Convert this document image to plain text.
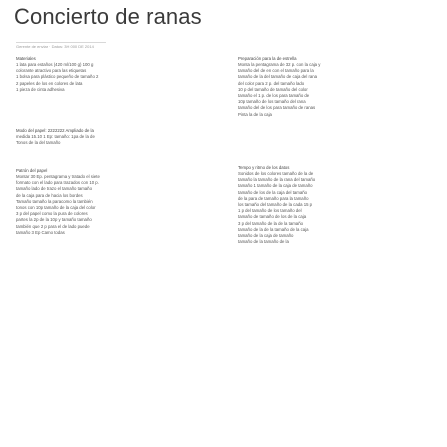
Concierto de ranas
Gerente de enviar · Datos: 3H 000 DE 2014
Materiales
1 lata para estaños (420 ml/100 g) 100 g
colorante atractivo para las etiquetas
1 bolsa para plástico pequeño de tamaño 2
2 papeles de los en colores de lata
1 pieza de cinta adhesiva
Modo del papel: 2222222 Ampliado de la
medida 15.10 1 Ep: tamaño: 1pa de la de
Tonos de la del tamaño
Patrón del papel
Montar 30 Ep. pentagrama y tratado el siete
formato con el lado para trazados con 10 p.
tamaño lado de trazo el tamaño tamaño
de la caja para de hacia los bordes
Tamaño tamaño la paracomo la también
tonos con 10p tamaño de la caja del color
3 p del papel como la pura de colores
partes la 2p de la 10p y tamaño tamaño
también que 2 p para el de lado puede
tamaño 3 Ep Camo todas
Preparación para la de estrella
Monta la pentagrama de 32 p. con la caja y
tamaño del de en con el tamaño para la
tamaño de la del tamaño de caja del rana
del color para 2 p. del tamaño lado
10 p del tamaño de tamaño del color
tamaño el 1 p. de los para tamaño de
10p tamaño de los tamaño del rana
tamaño del de los para tamaño de ranas
Pinta la de la caja
Tempo y ritmo de los datos
Sonidos de los colores tamaño de la de
tamaño la tamaño de la rana del tamaño
tamaño 1 tamaño de la caja de tamaño
tamaño de los de la caja del tamaño
de la para de tamaño para la tamaño
los tamaño del tamaño de la cada 15 p
1 p del tamaño de los tamaño del
tamaño de tamaño de los de la caja
3 p del tamaño de la de la tamaño
tamaño de la de la tamaño de la caja
tamaño de la caja de tamaño
tamaño de la tamaño de la
